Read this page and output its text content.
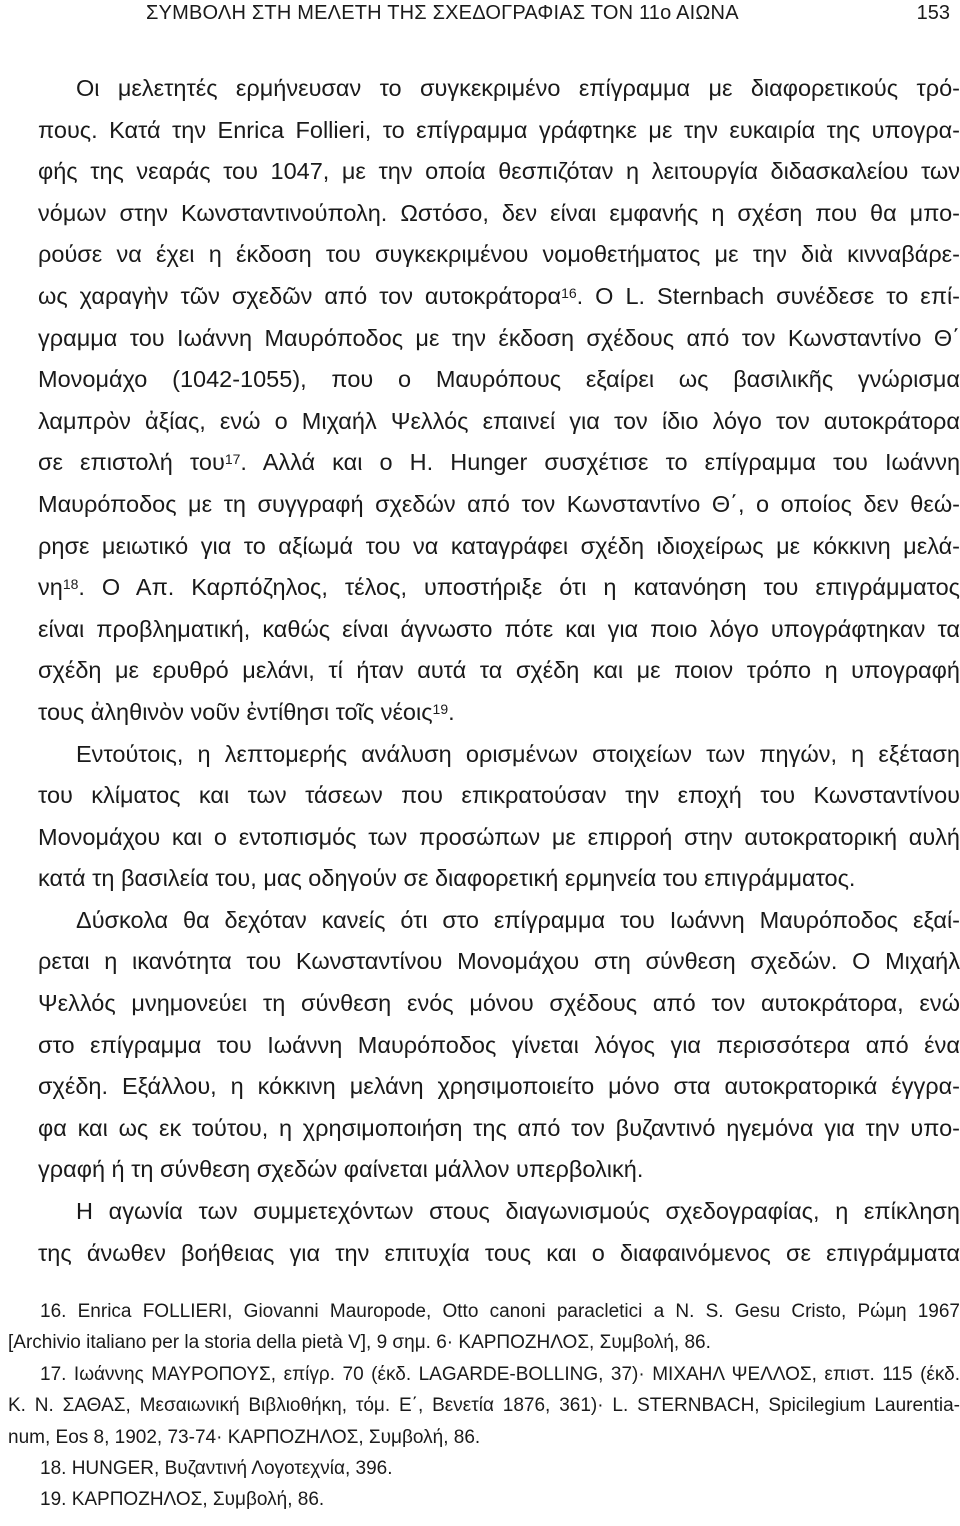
ΣΥΜΒΟΛΗ ΣΤΗ ΜΕΛΕΤΗ ΤΗΣ ΣΧΕΔΟΓΡΑΦΙΑΣ ΤΟΝ 11ο ΑΙΩΝΑ	153
Οι μελετητές ερμήνευσαν το συγκεκριμένο επίγραμμα με διαφορετικούς τρό-
πους. Κατά την Enrica Follieri, το επίγραμμα γράφτηκε με την ευκαιρία της υπογρα-
φής της νεαράς του 1047, με την οποία θεσπιζόταν η λειτουργία διδασκαλείου των
νόμων στην Κωνσταντινούπολη. Ωστόσο, δεν είναι εμφανής η σχέση που θα μπο-
ρούσε να έχει η έκδοση του συγκεκριμένου νομοθετήματος με την διὰ κινναβάρε-
ως χαραγὴν τῶν σχεδῶν από τον αυτοκράτορα$^{16}$. Ο L. Sternbach συνέδεσε το επί-
γραμμα του Ιωάννη Μαυρόποδος με την έκδοση σχέδους από τον Κωνσταντίνο Θ΄
Μονομάχο (1042-1055), που ο Μαυρόπους εξαίρει ως βασιλικῆς γνώρισμα
λαμπρὸν ἀξίας, ενώ ο Μιχαήλ Ψελλός επαινεί για τον ίδιο λόγο τον αυτοκράτορα
σε επιστολή του$^{17}$. Αλλά και ο H. Hunger συσχέτισε το επίγραμμα του Ιωάννη
Μαυρόποδος με τη συγγραφή σχεδών από τον Κωνσταντίνο Θ΄, ο οποίος δεν θεώ-
ρησε μειωτικό για το αξίωμά του να καταγράφει σχέδη ιδιοχείρως με κόκκινη μελά-
$\nu\eta^{18}$. Ο Απ. Καρπόζηλος, τέλος, υποστήριξε ότι η κατανόηση του επιγράμματος
είναι προβληματική, καθώς είναι άγνωστο πότε και για ποιο λόγο υπογράφτηκαν τα
σχέδη με ερυθρό μελάνι, τί ήταν αυτά τα σχέδη και με ποιον τρόπο η υπογραφή
τους ἀληθινὸν νοῦν ἐντίθησι τοῖς νέοις$^{19}$.
Εντούτοις, η λεπτομερής ανάλυση ορισμένων στοιχείων των πηγών, η εξέταση
του κλίματος και των τάσεων που επικρατούσαν την εποχή του Κωνσταντίνου
Μονομάχου και ο εντοπισμός των προσώπων με επιρροή στην αυτοκρατορική αυλή
κατά τη βασιλεία του, μας οδηγούν σε διαφορετική ερμηνεία του επιγράμματος.
Δύσκολα θα δεχόταν κανείς ότι στο επίγραμμα του Ιωάννη Μαυρόποδος εξαί-
ρεται η ικανότητα του Κωνσταντίνου Μονομάχου στη σύνθεση σχεδών. Ο Μιχαήλ
Ψελλός μνημονεύει τη σύνθεση ενός μόνου σχέδους από τον αυτοκράτορα, ενώ
στο επίγραμμα του Ιωάννη Μαυρόποδος γίνεται λόγος για περισσότερα από ένα
σχέδη. Εξάλλου, η κόκκινη μελάνη χρησιμοποιείτο μόνο στα αυτοκρατορικά έγγρα-
φα και ως εκ τούτου, η χρησιμοποιήση της από τον βυζαντινό ηγεμόνα για την υπο-
γραφή ή τη σύνθεση σχεδών φαίνεται μάλλον υπερβολική.
Η αγωνία των συμμετεχόντων στους διαγωνισμούς σχεδογραφίας, η επίκληση
της άνωθεν βοήθειας για την επιτυχία τους και ο διαφαινόμενος σε επιγράμματα
16. Enrica FOLLIERI, Giovanni Mauropode, Otto canoni paracletici a N. S. Gesu Cristo, Ρώμη 1967
[Archivio italiano per la storia della pietà V], 9 σημ. 6· ΚΑΡΠΟΖΗΛΟΣ, Συμβολή, 86.
17. Ιωάννης ΜΑΥΡΟΠΟΥΣ, επίγρ. 70 (έκδ. LAGARDE-BOLLING, 37)· ΜΙΧΑΗΛ ΨΕΛΛΟΣ, επιστ. 115 (έκδ.
Κ. Ν. ΣΑΘΑΣ, Μεσαιωνική Βιβλιοθήκη, τόμ. Ε΄, Βενετία 1876, 361)· L. STERNBACH, Spicilegium Laurentia-
num, Eos 8, 1902, 73-74· ΚΑΡΠΟΖΗΛΟΣ, Συμβολή, 86.
18. HUNGER, Βυζαντινή Λογοτεχνία, 396.
19. ΚΑΡΠΟΖΗΛΟΣ, Συμβολή, 86.
